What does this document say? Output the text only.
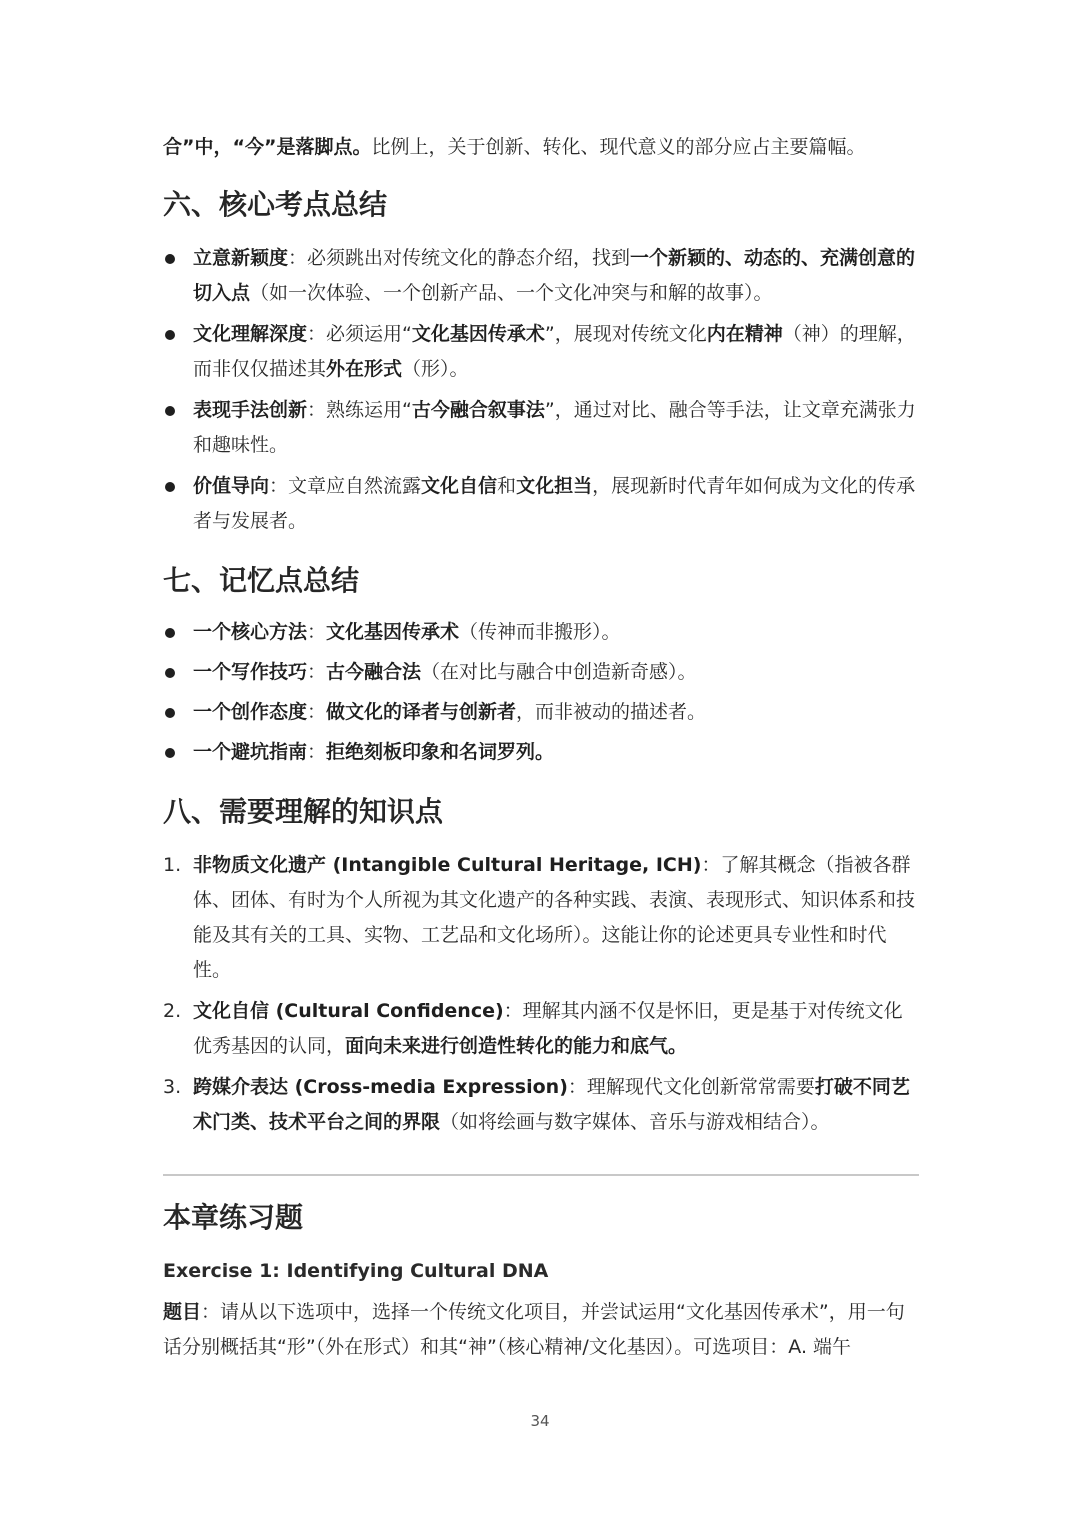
合”中，“今”是落脚点。比例上，关于创新、转化、现代意义的部分应占主要篇幅。

六、核心考点总结
立意新颖度：必须跳出对传统文化的静态介绍，找到一个新颖的、动态的、充满创意的切入点（如一次体验、一个创新产品、一个文化冲突与和解的故事）。
文化理解深度：必须运用“文化基因传承术”，展现对传统文化内在精神（神）的理解，而非仅仅描述其外在形式（形）。
表现手法创新：熟练运用“古今融合叙事法”，通过对比、融合等手法，让文章充满张力和趣味性。
价值导向：文章应自然流露文化自信和文化担当，展现新时代青年如何成为文化的传承者与发展者。
七、记忆点总结
一个核心方法：文化基因传承术（传神而非搬形）。
一个写作技巧：古今融合法（在对比与融合中创造新奇感）。
一个创作态度：做文化的译者与创新者，而非被动的描述者。
一个避坑指南：拒绝刻板印象和名词罗列。
八、需要理解的知识点
1. 非物质文化遗产 (Intangible Cultural Heritage, ICH)：了解其概念（指被各群体、团体、有时为个人所视为其文化遗产的各种实践、表演、表现形式、知识体系和技能及其有关的工具、实物、工艺品和文化场所）。这能让你的论述更具专业性和时代性。
2. 文化自信 (Cultural Confidence)：理解其内涵不仅是怀旧，更是基于对传统文化优秀基因的认同，面向未来进行创造性转化的能力和底气。
3. 跨媒介表达 (Cross-media Expression)：理解现代文化创新常常需要打破不同艺术门类、技术平台之间的界限（如将绘画与数字媒体、音乐与游戏相结合）。
本章练习题

Exercise 1: Identifying Cultural DNA

题目：请从以下选项中，选择一个传统文化项目，并尝试运用“文化基因传承术”，用一句话分别概括其“形”（外在形式）和其“神”（核心精神/文化基因）。可选项目：A. 端午

34
